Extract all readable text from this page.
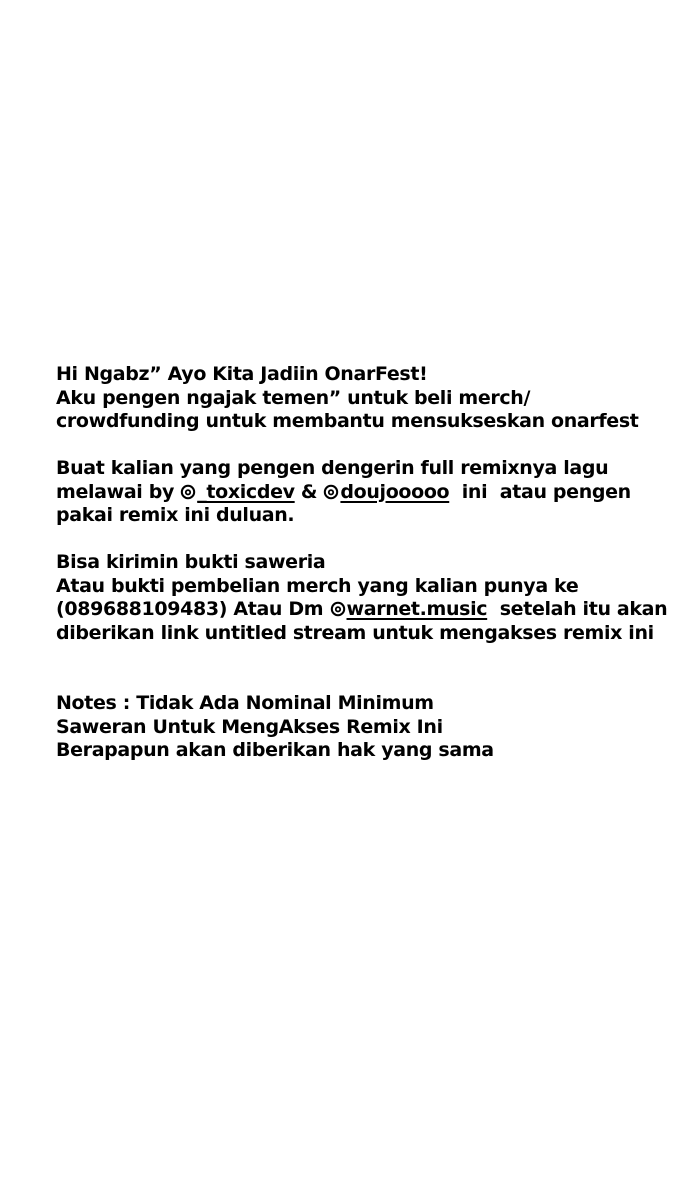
Hi Ngabz” Ayo Kita Jadiin OnarFest!
Aku pengen ngajak temen” untuk beli merch/
crowdfunding untuk membantu mensukseskan onarfest
Buat kalian yang pengen dengerin full remixnya lagu
melawai by
_toxicdev &
doujooooo  ini  atau pengen
pakai remix ini duluan.
Bisa kirimin bukti saweria
Atau bukti pembelian merch yang kalian punya ke
(089688109483) Atau Dm
warnet.music  setelah itu akan
diberikan link untitled stream untuk mengakses remix ini
Notes : Tidak Ada Nominal Minimum
Saweran Untuk MengAkses Remix Ini
Berapapun akan diberikan hak yang sama
